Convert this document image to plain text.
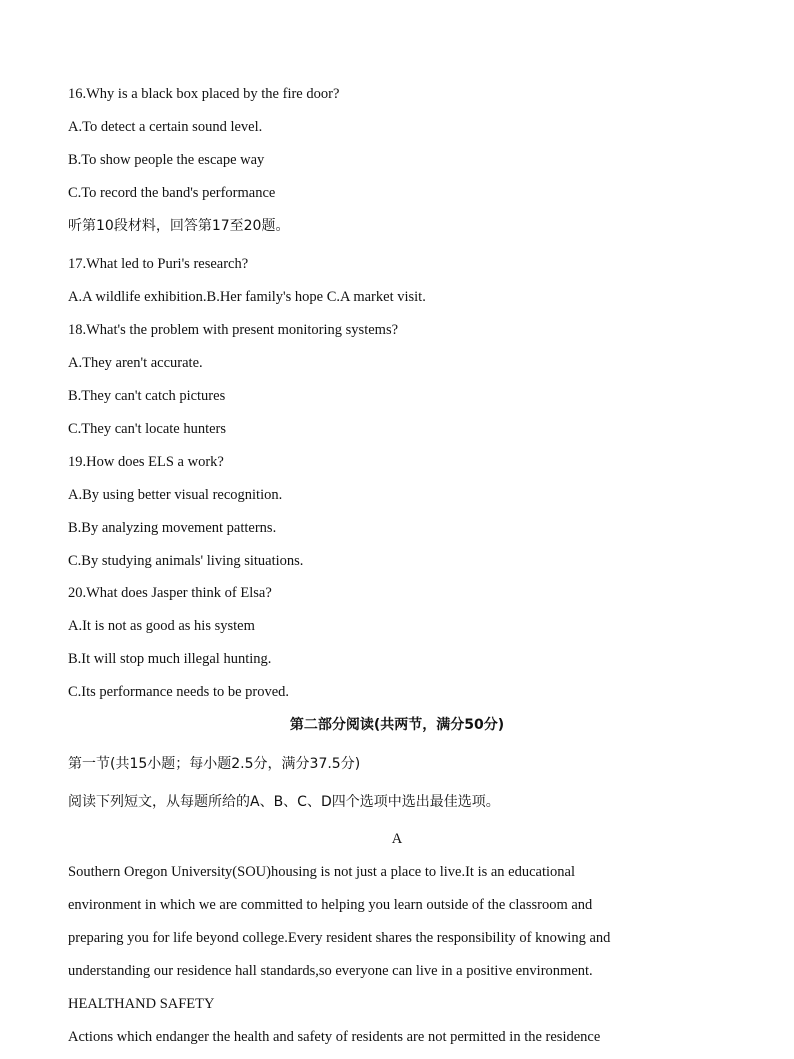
16.Why is a black box placed by the fire door?
A.To detect a certain sound level.
B.To show people the escape way
C.To record the band's performance
听第10段材料，回答第17至20题。
17.What led to Puri's research?
A.A wildlife exhibition.B.Her family's hope C.A market visit.
18.What's the problem with present monitoring systems?
A.They aren't accurate.
B.They can't catch pictures
C.They can't locate hunters
19.How does ELS a work?
A.By using better visual recognition.
B.By analyzing movement patterns.
C.By studying animals' living situations.
20.What does Jasper think of Elsa?
A.It is not as good as his system
B.It will stop much illegal hunting.
C.Its performance needs to be proved.
第二部分阅读(共两节，满分50分)
第一节(共15小题；每小题2.5分，满分37.5分)
阅读下列短文，从每题所给的A、B、C、D四个选项中选出最佳选项。
A
Southern Oregon University(SOU)housing is not just a place to live.It is an educational
environment in which we are committed to helping you learn outside of the classroom and
preparing you for life beyond college.Every resident shares the responsibility of knowing and
understanding our residence hall standards,so everyone can live in a positive environment.
HEALTHAND SAFETY
Actions which endanger the health and safety of residents are not permitted in the residence
